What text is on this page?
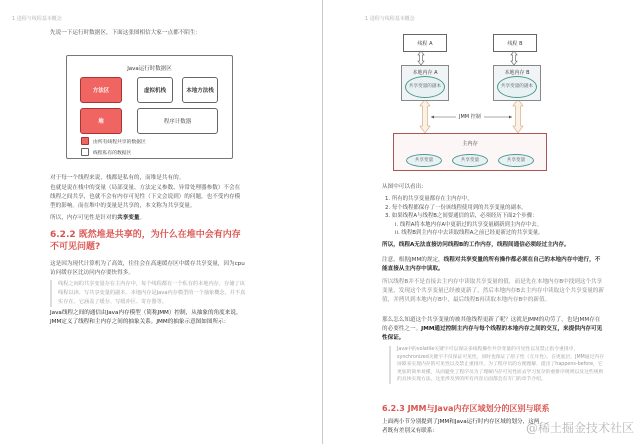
1 进程与线程基本概念
先说一下运行时数据区，下面这张图相信大家一点都不陌生：
Java运行时数据区
方法区	虚拟机栈	本地方法栈
堆	程序计数器
由所有线程共享的数据区
线程私有的数据区
对于每一个线程来说，栈都是私有的，而堆是共有的。
也就是说在栈中的变量（局部变量、方法定义参数、异常处理器参数）不会在线程之间共享，也就不会有内存可见性（下文会说到）的问题，也不受内存模型的影响。而在堆中的变量是共享的，本文称为共享变量。
所以，内存可见性是针对的共享变量。
6.2.2 既然堆是共享的，为什么在堆中会有内存不可见问题?
这是因为现代计算机为了高效，往往会在高速缓存区中缓存共享变量，因为cpu访问缓存区比访问内存要快得多。
线程之间的共享变量存在主内存中，每个线程都有一个私有的本地内存，存储了该线程以读、写共享变量的副本。本地内存是Java内存模型的一个抽象概念，并不真实存在。它涵盖了缓存、写缓冲区、寄存器等。
Java线程之间的通信由Java内存模型（简称JMM）控制，从抽象的角度来说，JMM定义了线程和主内存之间的抽象关系。JMM的抽象示意图如图所示：
1 进程与线程基本概念
线程 A	线程 B
本地内存 A
共享变量的副本
本地内存 B
共享变量的副本
JMM 控制
主内存
共享变量	共享变量	共享变量
从图中可以看出：
1. 所有的共享变量都存在主内存中。
2. 每个线程都保存了一份该线程使用到的共享变量的副本。
3. 如果线程A与线程B之间要通信的话，必须经历下面2个步骤：
i. 线程A将本地内存A中更新过的共享变量刷新到主内存中去。
ii. 线程B到主内存中去读取线程A之前已经更新过的共享变量。
所以，线程A无法直接访问线程B的工作内存，线程间通信必须经过主内存。
注意，根据JMM的规定，线程对共享变量的所有操作都必须在自己的本地内存中进行，不能直接从主内存中读取。
所以线程B并不是直接去主内存中读取共享变量的值，而是先在本地内存B中找到这个共享变量，发现这个共享变量已经被更新了，然后本地内存B去主内存中读取这个共享变量的新值，并拷贝到本地内存B中，最后线程B再读取本地内存B中的新值。
那么怎么知道这个共享变量的被其他线程更新了呢？这就是JMM的功劳了，也是JMM存在的必要性之一。JMM通过控制主内存与每个线程的本地内存之间的交互，来提供内存可见性保证。
Java中的volatile关键字可以保证多线程操作共享变量的可见性以及禁止指令重排序，synchronized关键字不仅保证可见性，同时也保证了原子性（互斥性）。在更底层，JMM通过内存屏障来实现内存的可见性以及禁止重排序。为了程序员的方便理解，提出了happens-before，它更加的简单易懂，从而避免了程序员为了理解内存可见性而去学习复杂的重排序规则以及这些规则的具体实现方法。这里涉及到的所有内容后面都会有专门的章节介绍。
6.2.3 JMM与Java内存区域划分的区别与联系
上面两小节分别提到了JMM和Java运行时内存区域的划分，这两者既有差别又有联系：	@稀土掘金技术社区
